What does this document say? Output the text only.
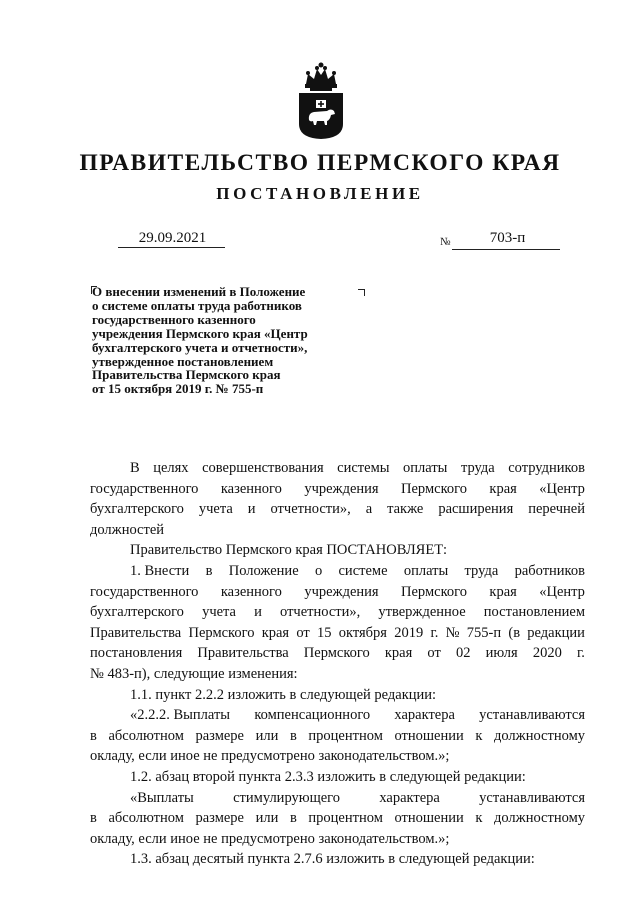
ПРАВИТЕЛЬСТВО ПЕРМСКОГО КРАЯ
ПОСТАНОВЛЕНИЕ
29.09.2021	№	703-п
О внесении изменений в Положение
о системе оплаты труда работников
государственного казенного
учреждения Пермского края «Центр
бухгалтерского учета и отчетности»,
утвержденное постановлением
Правительства Пермского края
от 15 октября 2019 г. № 755-п
В целях совершенствования системы оплаты труда сотрудников
государственного казенного учреждения Пермского края «Центр
бухгалтерского учета и отчетности», а также расширения перечней
должностей
Правительство Пермского края ПОСТАНОВЛЯЕТ:
1. Внести в Положение о системе оплаты труда работников
государственного казенного учреждения Пермского края «Центр
бухгалтерского учета и отчетности», утвержденное постановлением
Правительства Пермского края от 15 октября 2019 г. № 755-п (в редакции
постановления Правительства Пермского края от 02 июля 2020 г.
№ 483-п), следующие изменения:
1.1. пункт 2.2.2 изложить в следующей редакции:
«2.2.2. Выплаты компенсационного характера устанавливаются
в абсолютном размере или в процентном отношении к должностному
окладу, если иное не предусмотрено законодательством.»;
1.2. абзац второй пункта 2.3.3 изложить в следующей редакции:
«Выплаты	стимулирующего	характера	устанавливаются
в абсолютном размере или в процентном отношении к должностному
окладу, если иное не предусмотрено законодательством.»;
1.3. абзац десятый пункта 2.7.6 изложить в следующей редакции:
